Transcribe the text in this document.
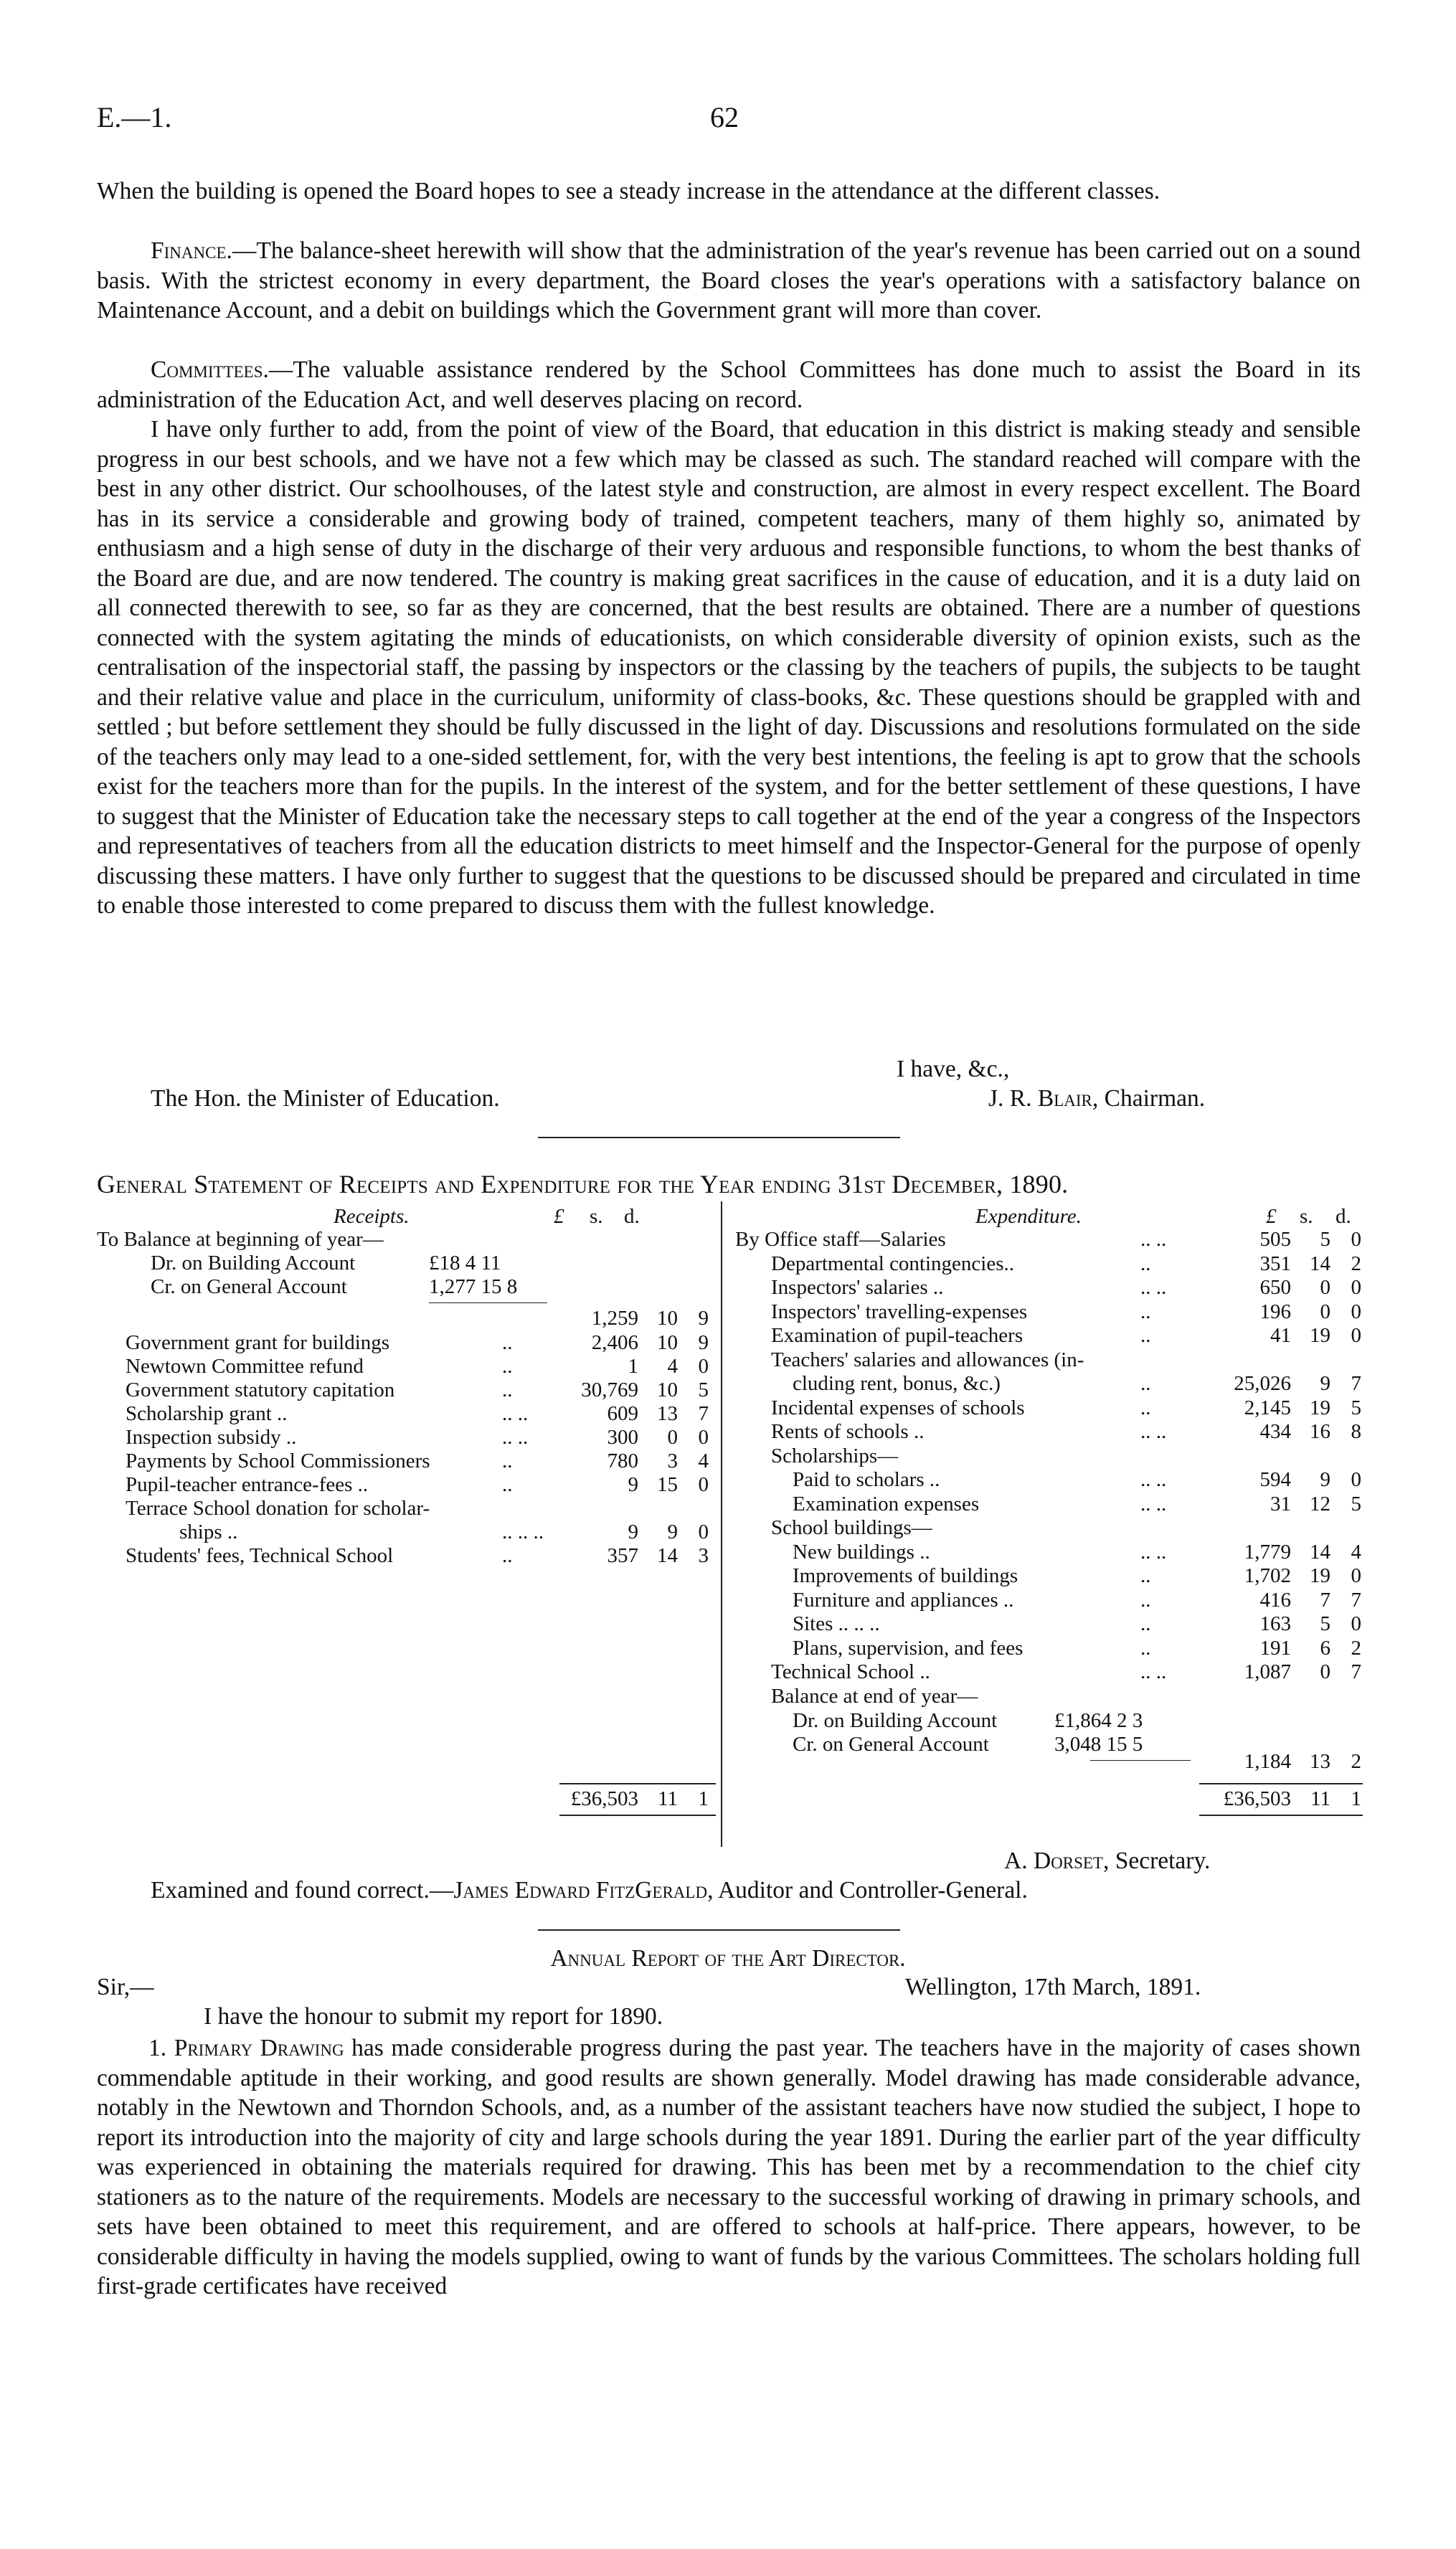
E.—1.	62
When the building is opened the Board hopes to see a steady increase in the attendance at the different classes.
Finance.—The balance-sheet herewith will show that the administration of the year's revenue has been carried out on a sound basis. With the strictest economy in every department, the Board closes the year's operations with a satisfactory balance on Maintenance Account, and a debit on buildings which the Government grant will more than cover.
Committees.—The valuable assistance rendered by the School Committees has done much to assist the Board in its administration of the Education Act, and well deserves placing on record.
I have only further to add, from the point of view of the Board, that education in this district is making steady and sensible progress in our best schools, and we have not a few which may be classed as such. The standard reached will compare with the best in any other district. Our schoolhouses, of the latest style and construction, are almost in every respect excellent. The Board has in its service a considerable and growing body of trained, competent teachers, many of them highly so, animated by enthusiasm and a high sense of duty in the discharge of their very arduous and responsible functions, to whom the best thanks of the Board are due, and are now tendered. The country is making great sacrifices in the cause of education, and it is a duty laid on all connected therewith to see, so far as they are concerned, that the best results are obtained. There are a number of questions connected with the system agitating the minds of educationists, on which considerable diversity of opinion exists, such as the centralisation of the inspectorial staff, the passing by inspectors or the classing by the teachers of pupils, the subjects to be taught and their relative value and place in the curriculum, uniformity of class-books, &c. These questions should be grappled with and settled ; but before settlement they should be fully discussed in the light of day. Discussions and resolutions formulated on the side of the teachers only may lead to a one-sided settlement, for, with the very best intentions, the feeling is apt to grow that the schools exist for the teachers more than for the pupils. In the interest of the system, and for the better settlement of these questions, I have to suggest that the Minister of Education take the necessary steps to call together at the end of the year a congress of the Inspectors and representatives of teachers from all the education districts to meet himself and the Inspector-General for the purpose of openly discussing these matters. I have only further to suggest that the questions to be discussed should be prepared and circulated in time to enable those interested to come prepared to discuss them with the fullest knowledge.
I have, &c.,
The Hon. the Minister of Education.	J. R. Blair, Chairman.
General Statement of Receipts and Expenditure for the Year ending 31st December, 1890.
Receipts.	£ s. d.
To Balance at beginning of year—
Dr. on Building Account	£18 4 11
Cr. on General Account	1,277 15 8
1,259 10 9
Government grant for buildings	..	2,406 10 9
Newtown Committee refund	..	1	4 0
Government statutory capitation	..	30,769 10 5
Scholarship grant ..	.. ..	609 13 7
Inspection subsidy ..	.. ..	300	0 0
Payments by School Commissioners	..	780	3 4
Pupil-teacher entrance-fees ..	..	9 15 0
Terrace School donation for scholar-
ships ..	.. .. ..	9	9 0
Students' fees, Technical School	..	357 14 3
£36,503 11 1
Expenditure.	£ s. d.
By Office staff—Salaries	.. ..	505	5 0
Departmental contingencies..	..	351 14 2
Inspectors' salaries ..	.. ..	650	0 0
Inspectors' travelling-expenses	..	196	0 0
Examination of pupil-teachers	..	41 19 0
Teachers' salaries and allowances (in-
cluding rent, bonus, &c.)	..	25,026	9 7
Incidental expenses of schools	..	2,145 19 5
Rents of schools ..	.. ..	434 16 8
Scholarships—
Paid to scholars ..	.. ..	594	9 0
Examination expenses	.. ..	31 12 5
School buildings—
New buildings ..	.. ..	1,779 14 4
Improvements of buildings	..	1,702 19 0
Furniture and appliances ..	..	416	7 7
Sites .. .. ..	..	163	5 0
Plans, supervision, and fees	..	191	6 2
Technical School ..	.. ..	1,087	0 7
Balance at end of year—
Dr. on Building Account	£1,864 2 3
Cr. on General Account	3,048 15 5
1,184 13 2
£36,503 11 1
A. Dorset, Secretary.
Examined and found correct.—James Edward FitzGerald, Auditor and Controller-General.
Annual Report of the Art Director.
Sir,—	Wellington, 17th March, 1891.
I have the honour to submit my report for 1890.
1. Primary Drawing has made considerable progress during the past year. The teachers have in the majority of cases shown commendable aptitude in their working, and good results are shown generally. Model drawing has made considerable advance, notably in the Newtown and Thorndon Schools, and, as a number of the assistant teachers have now studied the subject, I hope to report its introduction into the majority of city and large schools during the year 1891. During the earlier part of the year difficulty was experienced in obtaining the materials required for drawing. This has been met by a recommendation to the chief city stationers as to the nature of the requirements. Models are necessary to the successful working of drawing in primary schools, and sets have been obtained to meet this requirement, and are offered to schools at half-price. There appears, however, to be considerable difficulty in having the models supplied, owing to want of funds by the various Committees. The scholars holding full first-grade certificates have received
